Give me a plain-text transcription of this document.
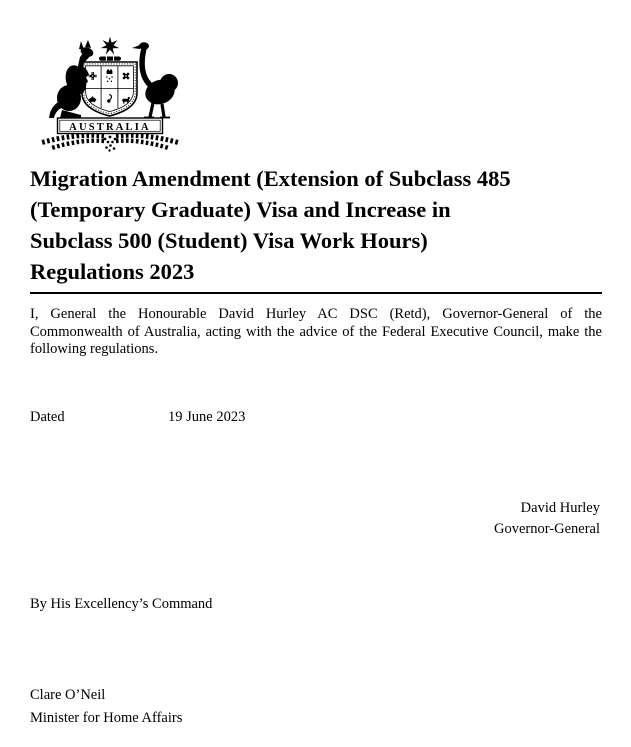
AUSTRALIA
Migration Amendment (Extension of Subclass 485
(Temporary Graduate) Visa and Increase in
Subclass 500 (Student) Visa Work Hours)
Regulations 2023
I, General the Honourable David Hurley AC DSC (Retd), Governor-General of the
Commonwealth of Australia, acting with the advice of the Federal Executive Council, make the
following regulations.
Dated	19 June 2023
David Hurley
Governor-General
By His Excellency’s Command
Clare O’Neil
Minister for Home Affairs
